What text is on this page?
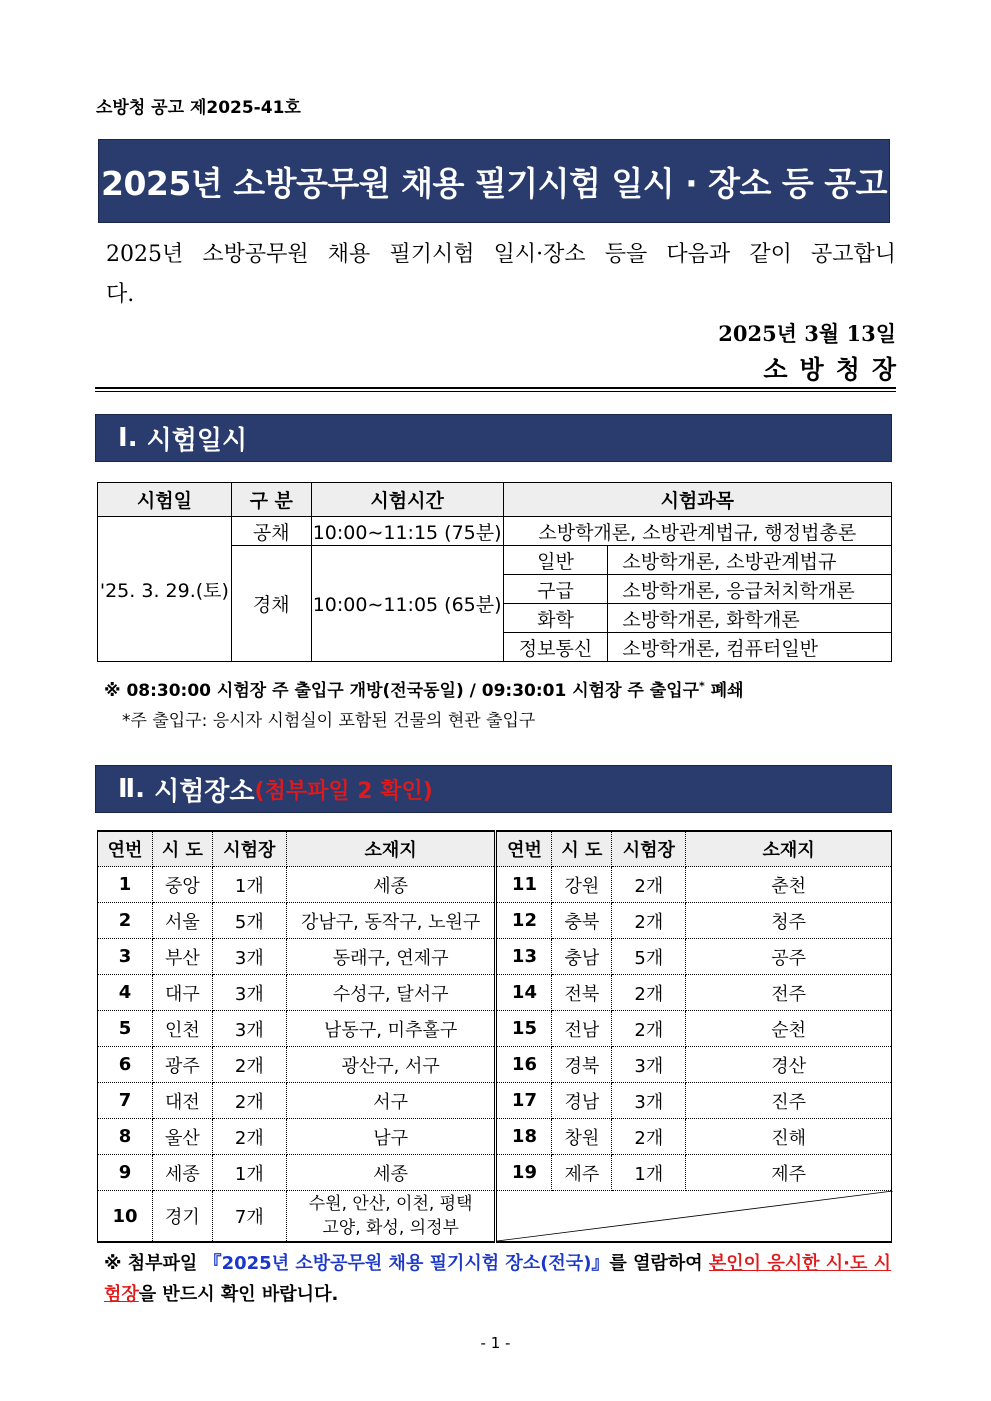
소방청 공고 제2025-41호
2025년 소방공무원 채용 필기시험 일시 · 장소 등 공고
2025년 소방공무원 채용 필기시험 일시·장소 등을 다음과 같이 공고합니다.
2025년 3월 13일
소방청장
Ⅰ . 시험일시
시험일	구 분	시험시간	시험과목	
'25. 3. 29.(토)	공채	10:00∼11:15 (75분)	소방학개론, 소방관계법규, 행정법총론	
	경채	10:00∼11:05 (65분)	일반	소방학개론, 소방관계법규
			구급	소방학개론, 응급처치학개론
			화학	소방학개론, 화학개론
			정보통신	소방학개론, 컴퓨터일반
※ 08:30:00 시험장 주 출입구 개방(전국동일) / 09:30:01 시험장 주 출입구* 폐쇄
*주 출입구: 응시자 시험실이 포함된 건물의 현관 출입구
Ⅱ . 시험장소 (첨부파일 2 확인)
연번	시 도	시험장	소재지	연번	시 도	시험장	소재지
1	중앙	1개	세종	11	강원	2개	춘천
2	서울	5개	강남구, 동작구, 노원구	12	충북	2개	청주
3	부산	3개	동래구, 연제구	13	충남	5개	공주
4	대구	3개	수성구, 달서구	14	전북	2개	전주
5	인천	3개	남동구, 미추홀구	15	전남	2개	순천
6	광주	2개	광산구, 서구	16	경북	3개	경산
7	대전	2개	서구	17	경남	3개	진주
8	울산	2개	남구	18	창원	2개	진해
9	세종	1개	세종	19	제주	1개	제주
10	경기	7개	수원, 안산, 이천, 평택
고양, 화성, 의정부

※ 첨부파일 『2025년 소방공무원 채용 필기시험 장소(전국)』를 열람하여 본인이 응시한 시·도 시험장을 반드시 확인 바랍니다.
- 1 -
